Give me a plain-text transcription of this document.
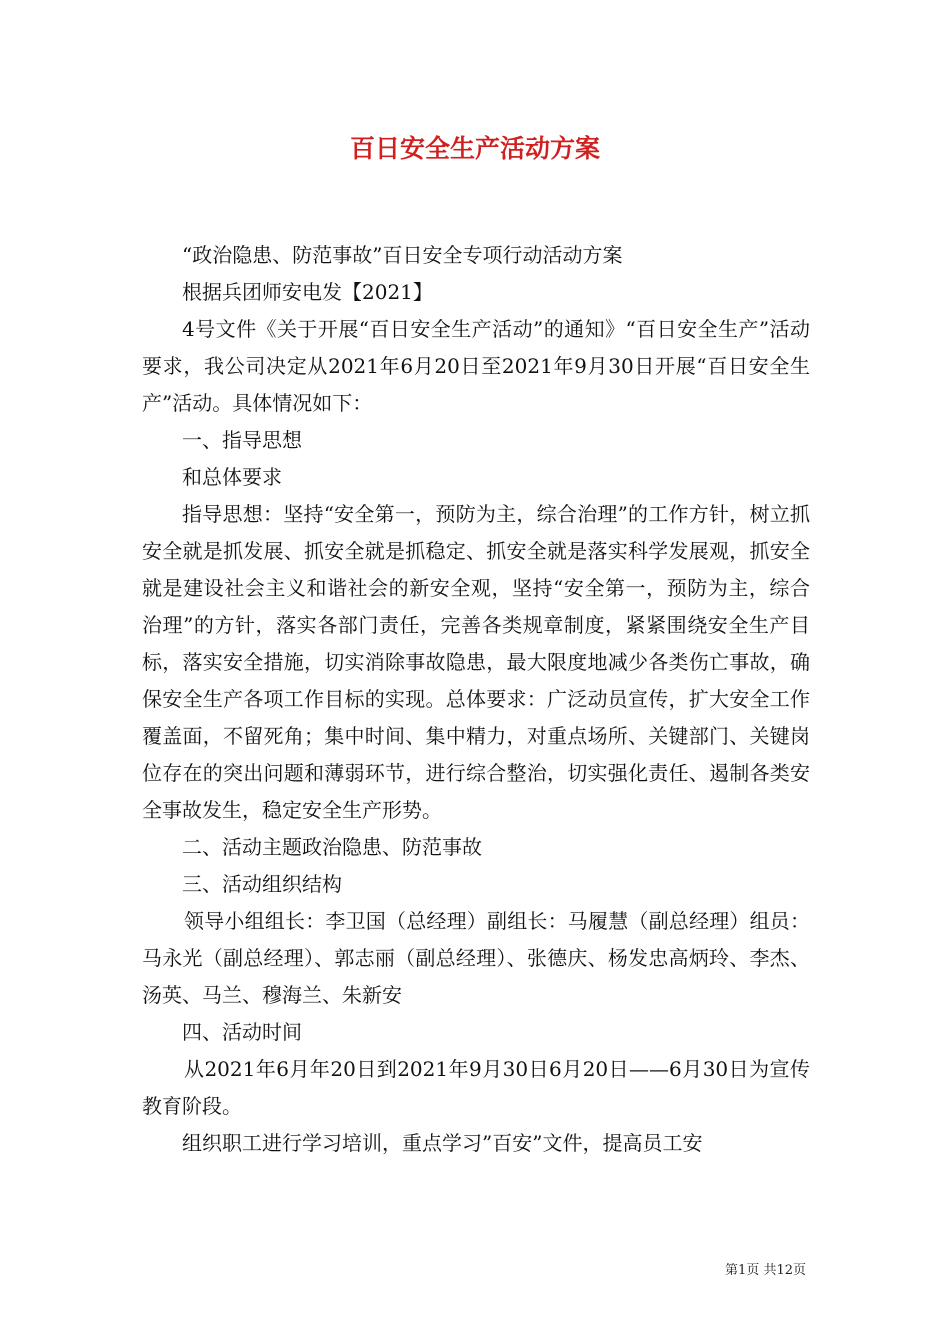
百日安全生产活动方案

“政治隐患、防范事故”百日安全专项行动活动方案

根据兵团师安电发【2021】

4号文件《关于开展“百日安全生产活动”的通知》“百日安全生产”活动要求，我公司决定从2021年6月20日至2021年9月30日开展“百日安全生产”活动。具体情况如下：

一、指导思想

和总体要求

指导思想：坚持“安全第一，预防为主，综合治理”的工作方针，树立抓安全就是抓发展、抓安全就是抓稳定、抓安全就是落实科学发展观，抓安全就是建设社会主义和谐社会的新安全观，坚持“安全第一，预防为主，综合治理”的方针，落实各部门责任，完善各类规章制度，紧紧围绕安全生产目标，落实安全措施，切实消除事故隐患，最大限度地减少各类伤亡事故，确保安全生产各项工作目标的实现。总体要求：广泛动员宣传，扩大安全工作覆盖面，不留死角；集中时间、集中精力，对重点场所、关键部门、关键岗位存在的突出问题和薄弱环节，进行综合整治，切实强化责任、遏制各类安全事故发生，稳定安全生产形势。

二、活动主题政治隐患、防范事故

三、活动组织结构

领导小组组长：李卫国（总经理）副组长：马履慧（副总经理）组员：马永光（副总经理）、郭志丽（副总经理）、张德庆、杨发忠高炳玲、李杰、汤英、马兰、穆海兰、朱新安

四、活动时间

从2021年6月年20日到2021年9月30日6月20日——6月30日为宣传教育阶段。

组织职工进行学习培训，重点学习”百安”文件，提高员工安

第1页 共12页
